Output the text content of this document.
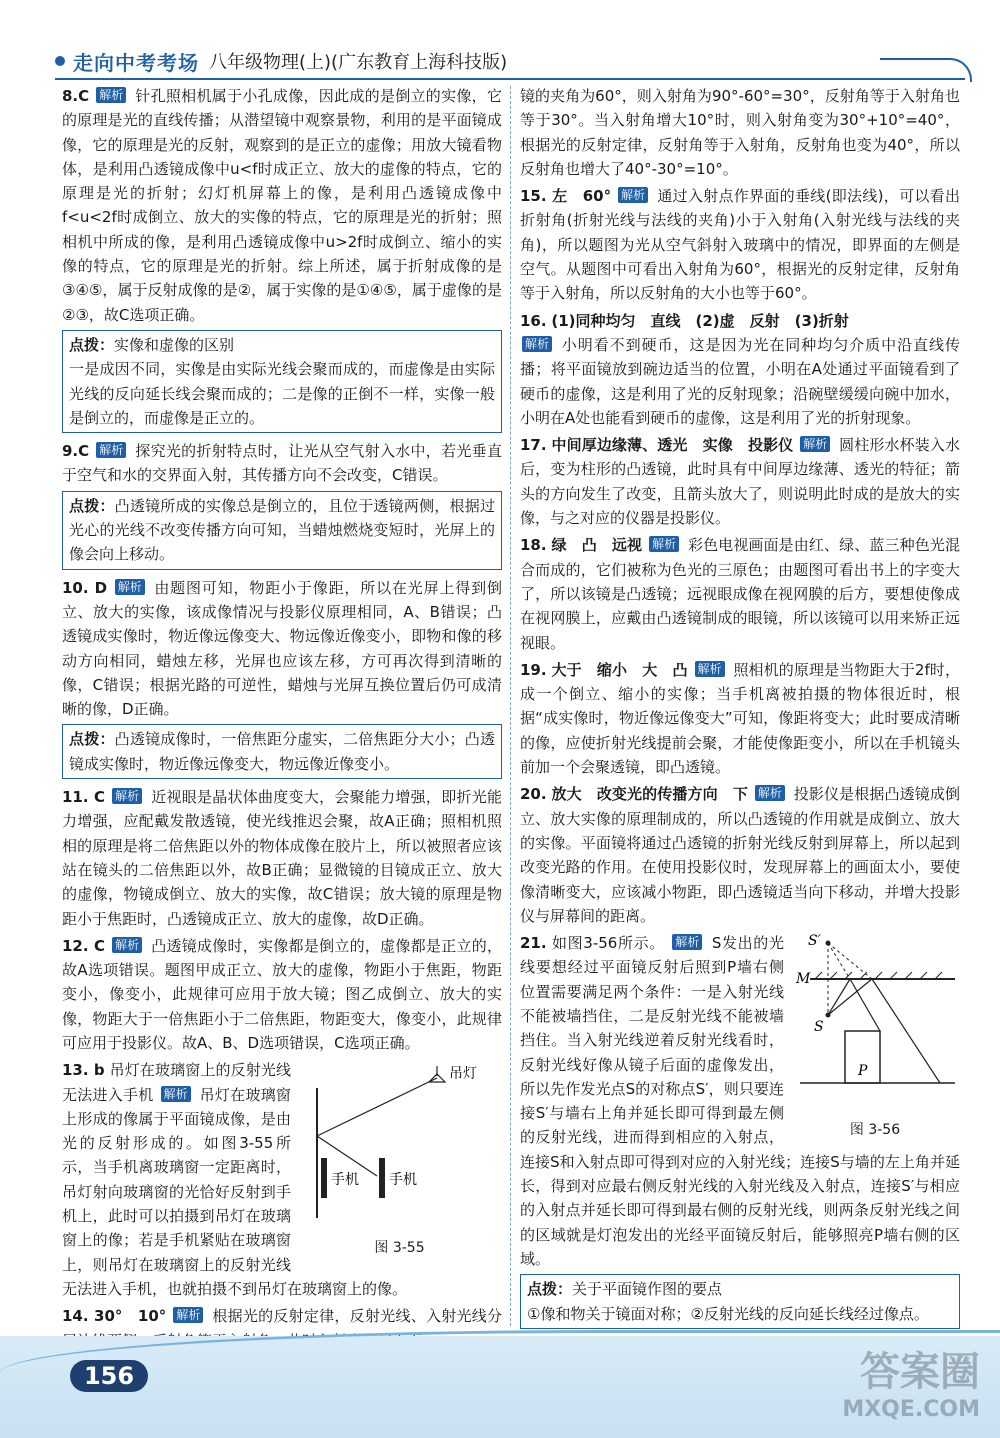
走向中考考场 八年级物理(上)(广东教育上海科技版)

8.C 解析 针孔照相机属于小孔成像，因此成的是倒立的实像，它的原理是光的直线传播；从潜望镜中观察景物，利用的是平面镜成像，它的原理是光的反射，观察到的是正立的虚像；用放大镜看物体，是利用凸透镜成像中u<f时成正立、放大的虚像的特点，它的原理是光的折射；幻灯机屏幕上的像，是利用凸透镜成像中f<u<2f时成倒立、放大的实像的特点，它的原理是光的折射；照相机中所成的像，是利用凸透镜成像中u>2f时成倒立、缩小的实像的特点，它的原理是光的折射。综上所述，属于折射成像的是③④⑤，属于反射成像的是②，属于实像的是①④⑤，属于虚像的是②③，故C选项正确。

点拨：实像和虚像的区别
一是成因不同，实像是由实际光线会聚而成的，而虚像是由实际光线的反向延长线会聚而成的；二是像的正倒不一样，实像一般是倒立的，而虚像是正立的。

9.C 解析 探究光的折射特点时，让光从空气射入水中，若光垂直于空气和水的交界面入射，其传播方向不会改变，C错误。

点拨：凸透镜所成的实像总是倒立的，且位于透镜两侧，根据过光心的光线不改变传播方向可知，当蜡烛燃烧变短时，光屏上的像会向上移动。

10. D 解析 由题图可知，物距小于像距，所以在光屏上得到倒立、放大的实像，该成像情况与投影仪原理相同，A、B错误；凸透镜成实像时，物近像远像变大、物远像近像变小，即物和像的移动方向相同，蜡烛左移，光屏也应该左移，方可再次得到清晰的像，C错误；根据光路的可逆性，蜡烛与光屏互换位置后仍可成清晰的像，D正确。

点拨：凸透镜成像时，一倍焦距分虚实，二倍焦距分大小；凸透镜成实像时，物近像远像变大，物远像近像变小。

11. C 解析 近视眼是晶状体曲度变大，会聚能力增强，即折光能力增强，应配戴发散透镜，使光线推迟会聚，故A正确；照相机照相的原理是将二倍焦距以外的物体成像在胶片上，所以被照者应该站在镜头的二倍焦距以外，故B正确；显微镜的目镜成正立、放大的虚像，物镜成倒立、放大的实像，故C错误；放大镜的原理是物距小于焦距时，凸透镜成正立、放大的虚像，故D正确。

12. C 解析 凸透镜成像时，实像都是倒立的，虚像都是正立的，故A选项错误。题图甲成正立、放大的虚像，物距小于焦距，物距变小，像变小，此规律可应用于放大镜；图乙成倒立、放大的实像，物距大于一倍焦距小于二倍焦距，物距变大，像变小，此规律可应用于投影仪。故A、B、D选项错误，C选项正确。

吊灯
手机 手机
图 3-55
13. b 吊灯在玻璃窗上的反射光线无法进入手机 解析 吊灯在玻璃窗上形成的像属于平面镜成像，是由光的反射形成的。如图3-55所示，当手机离玻璃窗一定距离时，吊灯射向玻璃窗的光恰好反射到手机上，此时可以拍摄到吊灯在玻璃窗上的像；若是手机紧贴在玻璃窗上，则吊灯在玻璃窗上的反射光线无法进入手机，也就拍摄不到吊灯在玻璃窗上的像。

14. 30°　10° 解析 根据光的反射定律，反射光线、入射光线分

镜的夹角为60°，则入射角为90°-60°=30°，反射角等于入射角也等于30°。当入射角增大10°时，则入射角变为30°+10°=40°，根据光的反射定律，反射角等于入射角，反射角也变为40°，所以反射角也增大了40°-30°=10°。

15. 左　60° 解析 通过入射点作界面的垂线(即法线)，可以看出折射角(折射光线与法线的夹角)小于入射角(入射光线与法线的夹角)，所以题图为光从空气斜射入玻璃中的情况，即界面的左侧是空气。从题图中可看出入射角为60°，根据光的反射定律，反射角等于入射角，所以反射角的大小也等于60°。

16. (1)同种均匀　直线　(2)虚　反射　(3)折射
解析 小明看不到硬币，这是因为光在同种均匀介质中沿直线传播；将平面镜放到碗边适当的位置，小明在A处通过平面镜看到了硬币的虚像，这是利用了光的反射现象；沿碗壁缓缓向碗中加水，小明在A处也能看到硬币的虚像，这是利用了光的折射现象。

17. 中间厚边缘薄、透光　实像　投影仪 解析 圆柱形水杯装入水后，变为柱形的凸透镜，此时具有中间厚边缘薄、透光的特征；箭头的方向发生了改变，且箭头放大了，则说明此时成的是放大的实像，与之对应的仪器是投影仪。

18. 绿　凸　远视 解析 彩色电视画面是由红、绿、蓝三种色光混合而成的，它们被称为色光的三原色；由题图可看出书上的字变大了，所以该镜是凸透镜；远视眼成像在视网膜的后方，要想使像成在视网膜上，应戴由凸透镜制成的眼镜，所以该镜可以用来矫正远视眼。

19. 大于　缩小　大　凸 解析 照相机的原理是当物距大于2f时，成一个倒立、缩小的实像；当手机离被拍摄的物体很近时，根据“成实像时，物近像远像变大”可知，像距将变大；此时要成清晰的像，应使折射光线提前会聚，才能使像距变小，所以在手机镜头前加一个会聚透镜，即凸透镜。

20. 放大　改变光的传播方向　下 解析 投影仪是根据凸透镜成倒立、放大实像的原理制成的，所以凸透镜的作用就是成倒立、放大的实像。平面镜将通过凸透镜的折射光线反射到屏幕上，所以起到改变光路的作用。在使用投影仪时，发现屏幕上的画面太小，要使像清晰变大，应该减小物距，即凸透镜适当向下移动，并增大投影仪与屏幕间的距离。

M
S′
S
P
图 3-56
21. 如图3-56所示。 解析 S发出的光线要想经过平面镜反射后照到P墙右侧位置需要满足两个条件：一是入射光线不能被墙挡住，二是反射光线不能被墙挡住。当入射光线逆着反射光线看时，反射光线好像从镜子后面的虚像发出，所以先作发光点S的对称点S′，则只要连接S′与墙右上角并延长即可得到最左侧的反射光线，进而得到相应的入射点，连接S和入射点即可得到对应的入射光线；连接S与墙的左上角并延长，得到对应最右侧反射光线的入射光线及入射点，连接S′与相应的入射点并延长即可得到最右侧的反射光线，则两条反射光线之间的区域就是灯泡发出的光经平面镜反射后，能够照亮P墙右侧的区域。
点拨：关于平面镜作图的要点
①像和物关于镜面对称；②反射光线的反向延长线经过像点。
156	答案圈
MXQE.COM
